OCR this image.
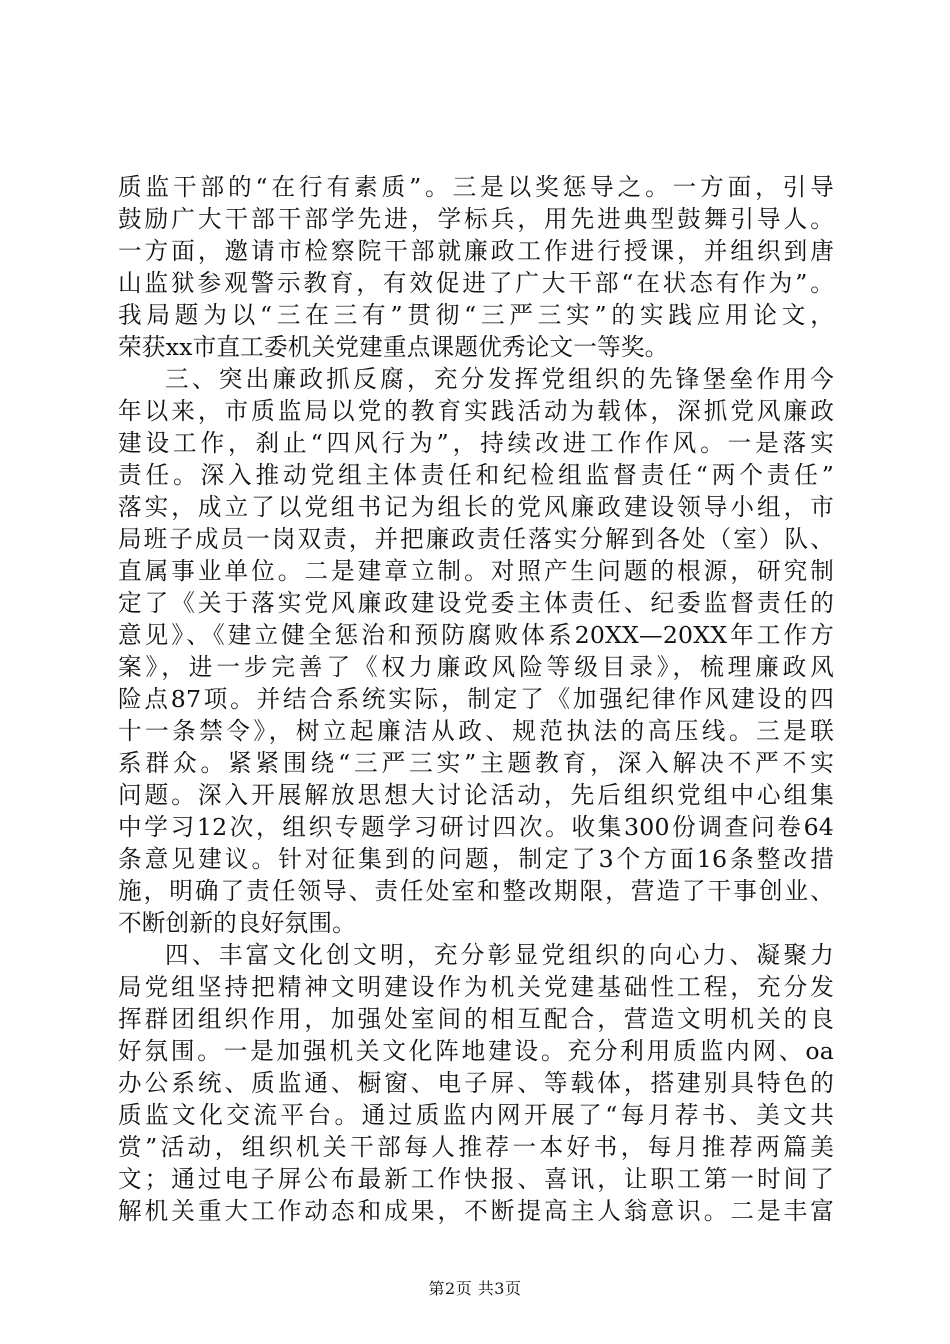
质监干部的“在行有素质”。三是以奖惩导之。一方面，引导
鼓励广大干部干部学先进，学标兵，用先进典型鼓舞引导人。
一方面，邀请市检察院干部就廉政工作进行授课，并组织到唐
山监狱参观警示教育，有效促进了广大干部“在状态有作为”。
我局题为以“三在三有”贯彻“三严三实”的实践应用论文，
荣获xx市直工委机关党建重点课题优秀论文一等奖。
三、突出廉政抓反腐，充分发挥党组织的先锋堡垒作用今
年以来，市质监局以党的教育实践活动为载体，深抓党风廉政
建设工作，刹止“四风行为”，持续改进工作作风。一是落实
责任。深入推动党组主体责任和纪检组监督责任“两个责任”
落实，成立了以党组书记为组长的党风廉政建设领导小组，市
局班子成员一岗双责，并把廉政责任落实分解到各处（室）队、
直属事业单位。二是建章立制。对照产生问题的根源，研究制
定了《关于落实党风廉政建设党委主体责任、纪委监督责任的
意见》、《建立健全惩治和预防腐败体系20XX—20XX年工作方
案》，进一步完善了《权力廉政风险等级目录》，梳理廉政风
险点87项。并结合系统实际，制定了《加强纪律作风建设的四
十一条禁令》，树立起廉洁从政、规范执法的高压线。三是联
系群众。紧紧围绕“三严三实”主题教育，深入解决不严不实
问题。深入开展解放思想大讨论活动，先后组织党组中心组集
中学习12次，组织专题学习研讨四次。收集300份调查问卷64
条意见建议。针对征集到的问题，制定了3个方面16条整改措
施，明确了责任领导、责任处室和整改期限，营造了干事创业、
不断创新的良好氛围。
四、丰富文化创文明，充分彰显党组织的向心力、凝聚力
局党组坚持把精神文明建设作为机关党建基础性工程，充分发
挥群团组织作用，加强处室间的相互配合，营造文明机关的良
好氛围。一是加强机关文化阵地建设。充分利用质监内网、oa
办公系统、质监通、橱窗、电子屏、等载体，搭建别具特色的
质监文化交流平台。通过质监内网开展了“每月荐书、美文共
赏”活动，组织机关干部每人推荐一本好书，每月推荐两篇美
文；通过电子屏公布最新工作快报、喜讯，让职工第一时间了
解机关重大工作动态和成果，不断提高主人翁意识。二是丰富
第2页 共3页
